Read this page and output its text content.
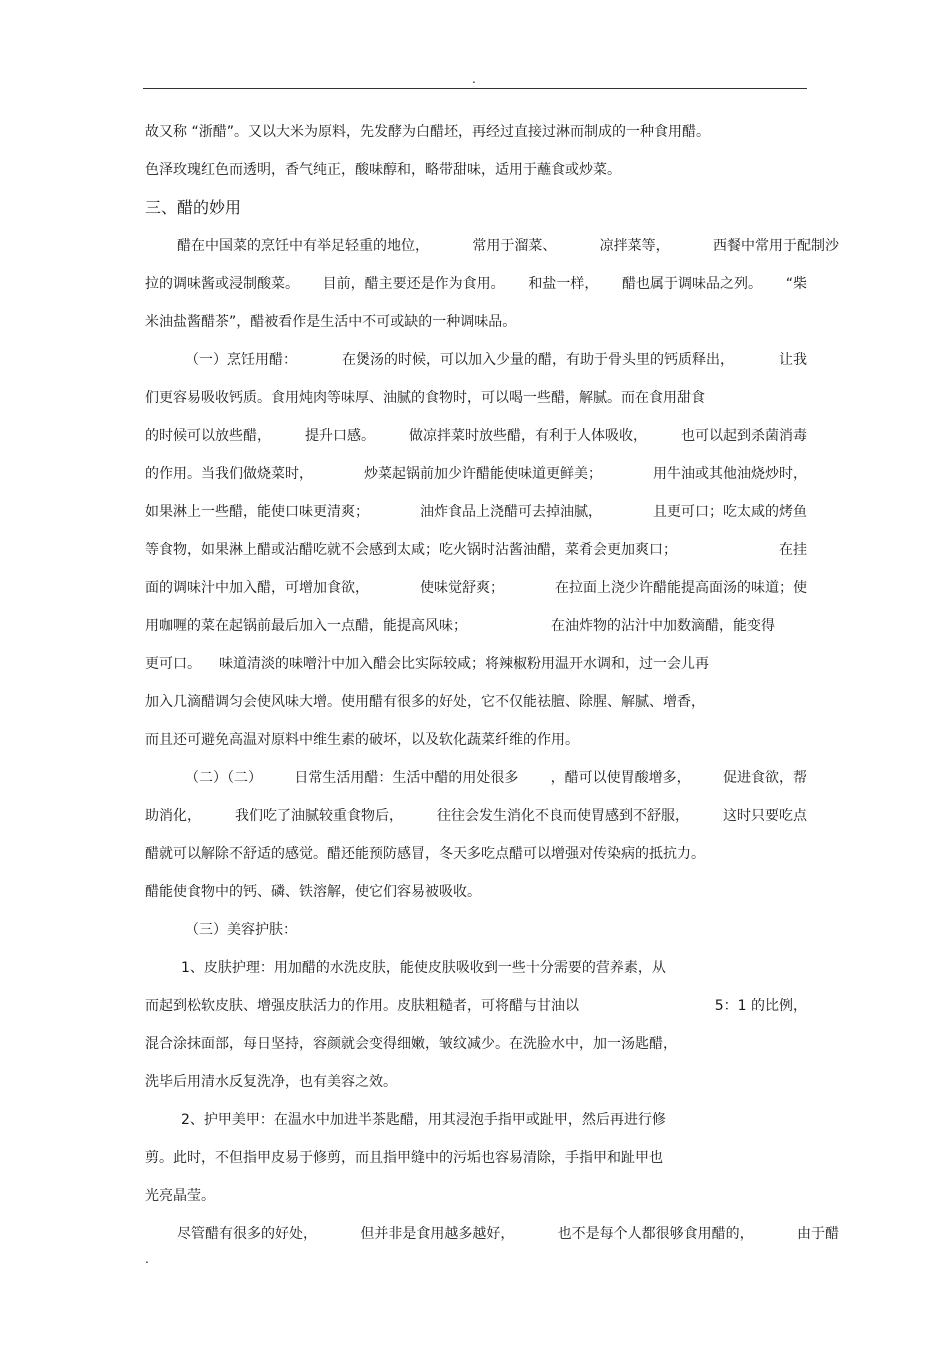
.
故又称 “浙醋”。又以大米为原料，先发酵为白醋坯，再经过直接过淋而制成的一种食用醋。
色泽玫瑰红色而透明，香气纯正，酸味醇和，略带甜味，适用于蘸食或炒菜。
三、醋的妙用
醋在中国菜的烹饪中有举足轻重的地位，	常用于溜菜、	凉拌菜等，	西餐中常用于配制沙
拉的调味酱或浸制酸菜。 目前，醋主要还是作为食用。 和盐一样， 醋也属于调味品之列。 “柴
米油盐酱醋茶”，醋被看作是生活中不可或缺的一种调味品。
（一）烹饪用醋：	在煲汤的时候，可以加入少量的醋，有助于骨头里的钙质释出，	让我
们更容易吸收钙质。食用炖肉等味厚、油腻的食物时，可以喝一些醋，解腻。而在食用甜食
的时候可以放些醋， 提升口感。 做凉拌菜时放些醋，有利于人体吸收， 也可以起到杀菌消毒
的作用。当我们做烧菜时，	炒菜起锅前加少许醋能使味道更鲜美；	用牛油或其他油烧炒时，
如果淋上一些醋，能使口味更清爽；	油炸食品上浇醋可去掉油腻，	且更可口；吃太咸的烤鱼
等食物，如果淋上醋或沾醋吃就不会感到太咸；吃火锅时沾酱油醋，菜肴会更加爽口；	在挂
面的调味汁中加入醋，可增加食欲，	使味觉舒爽；	在拉面上浇少许醋能提高面汤的味道；使
用咖喱的菜在起锅前最后加入一点醋，能提高风味；	在油炸物的沾汁中加数滴醋，能变得
更可口。 味道清淡的味噌汁中加入醋会比实际较咸；将辣椒粉用温开水调和，过一会儿再
加入几滴醋调匀会使风味大增。使用醋有很多的好处，它不仅能祛膻、除腥、解腻、增香，
而且还可避免高温对原料中维生素的破坏，以及软化蔬菜纤维的作用。
（二）（二） 日常生活用醋：生活中醋的用处很多 ，醋可以使胃酸增多， 促进食欲，帮
助消化， 我们吃了油腻较重食物后， 往往会发生消化不良而使胃感到不舒服， 这时只要吃点
醋就可以解除不舒适的感觉。醋还能预防感冒，冬天多吃点醋可以增强对传染病的抵抗力。
醋能使食物中的钙、磷、铁溶解，使它们容易被吸收。
（三）美容护肤：
1、皮肤护理：用加醋的水洗皮肤，能使皮肤吸收到一些十分需要的营养素，从
而起到松软皮肤、增强皮肤活力的作用。皮肤粗糙者，可将醋与甘油以	5：1 的比例，
混合涂抹面部，每日坚持，容颜就会变得细嫩，皱纹减少。在洗脸水中，加一汤匙醋，
洗毕后用清水反复洗净，也有美容之效。
2、护甲美甲：在温水中加进半茶匙醋，用其浸泡手指甲或趾甲，然后再进行修
剪。此时，不但指甲皮易于修剪，而且指甲缝中的污垢也容易清除，手指甲和趾甲也
光亮晶莹。
尽管醋有很多的好处，	但并非是食用越多越好，	也不是每个人都很够食用醋的，	由于醋
.
